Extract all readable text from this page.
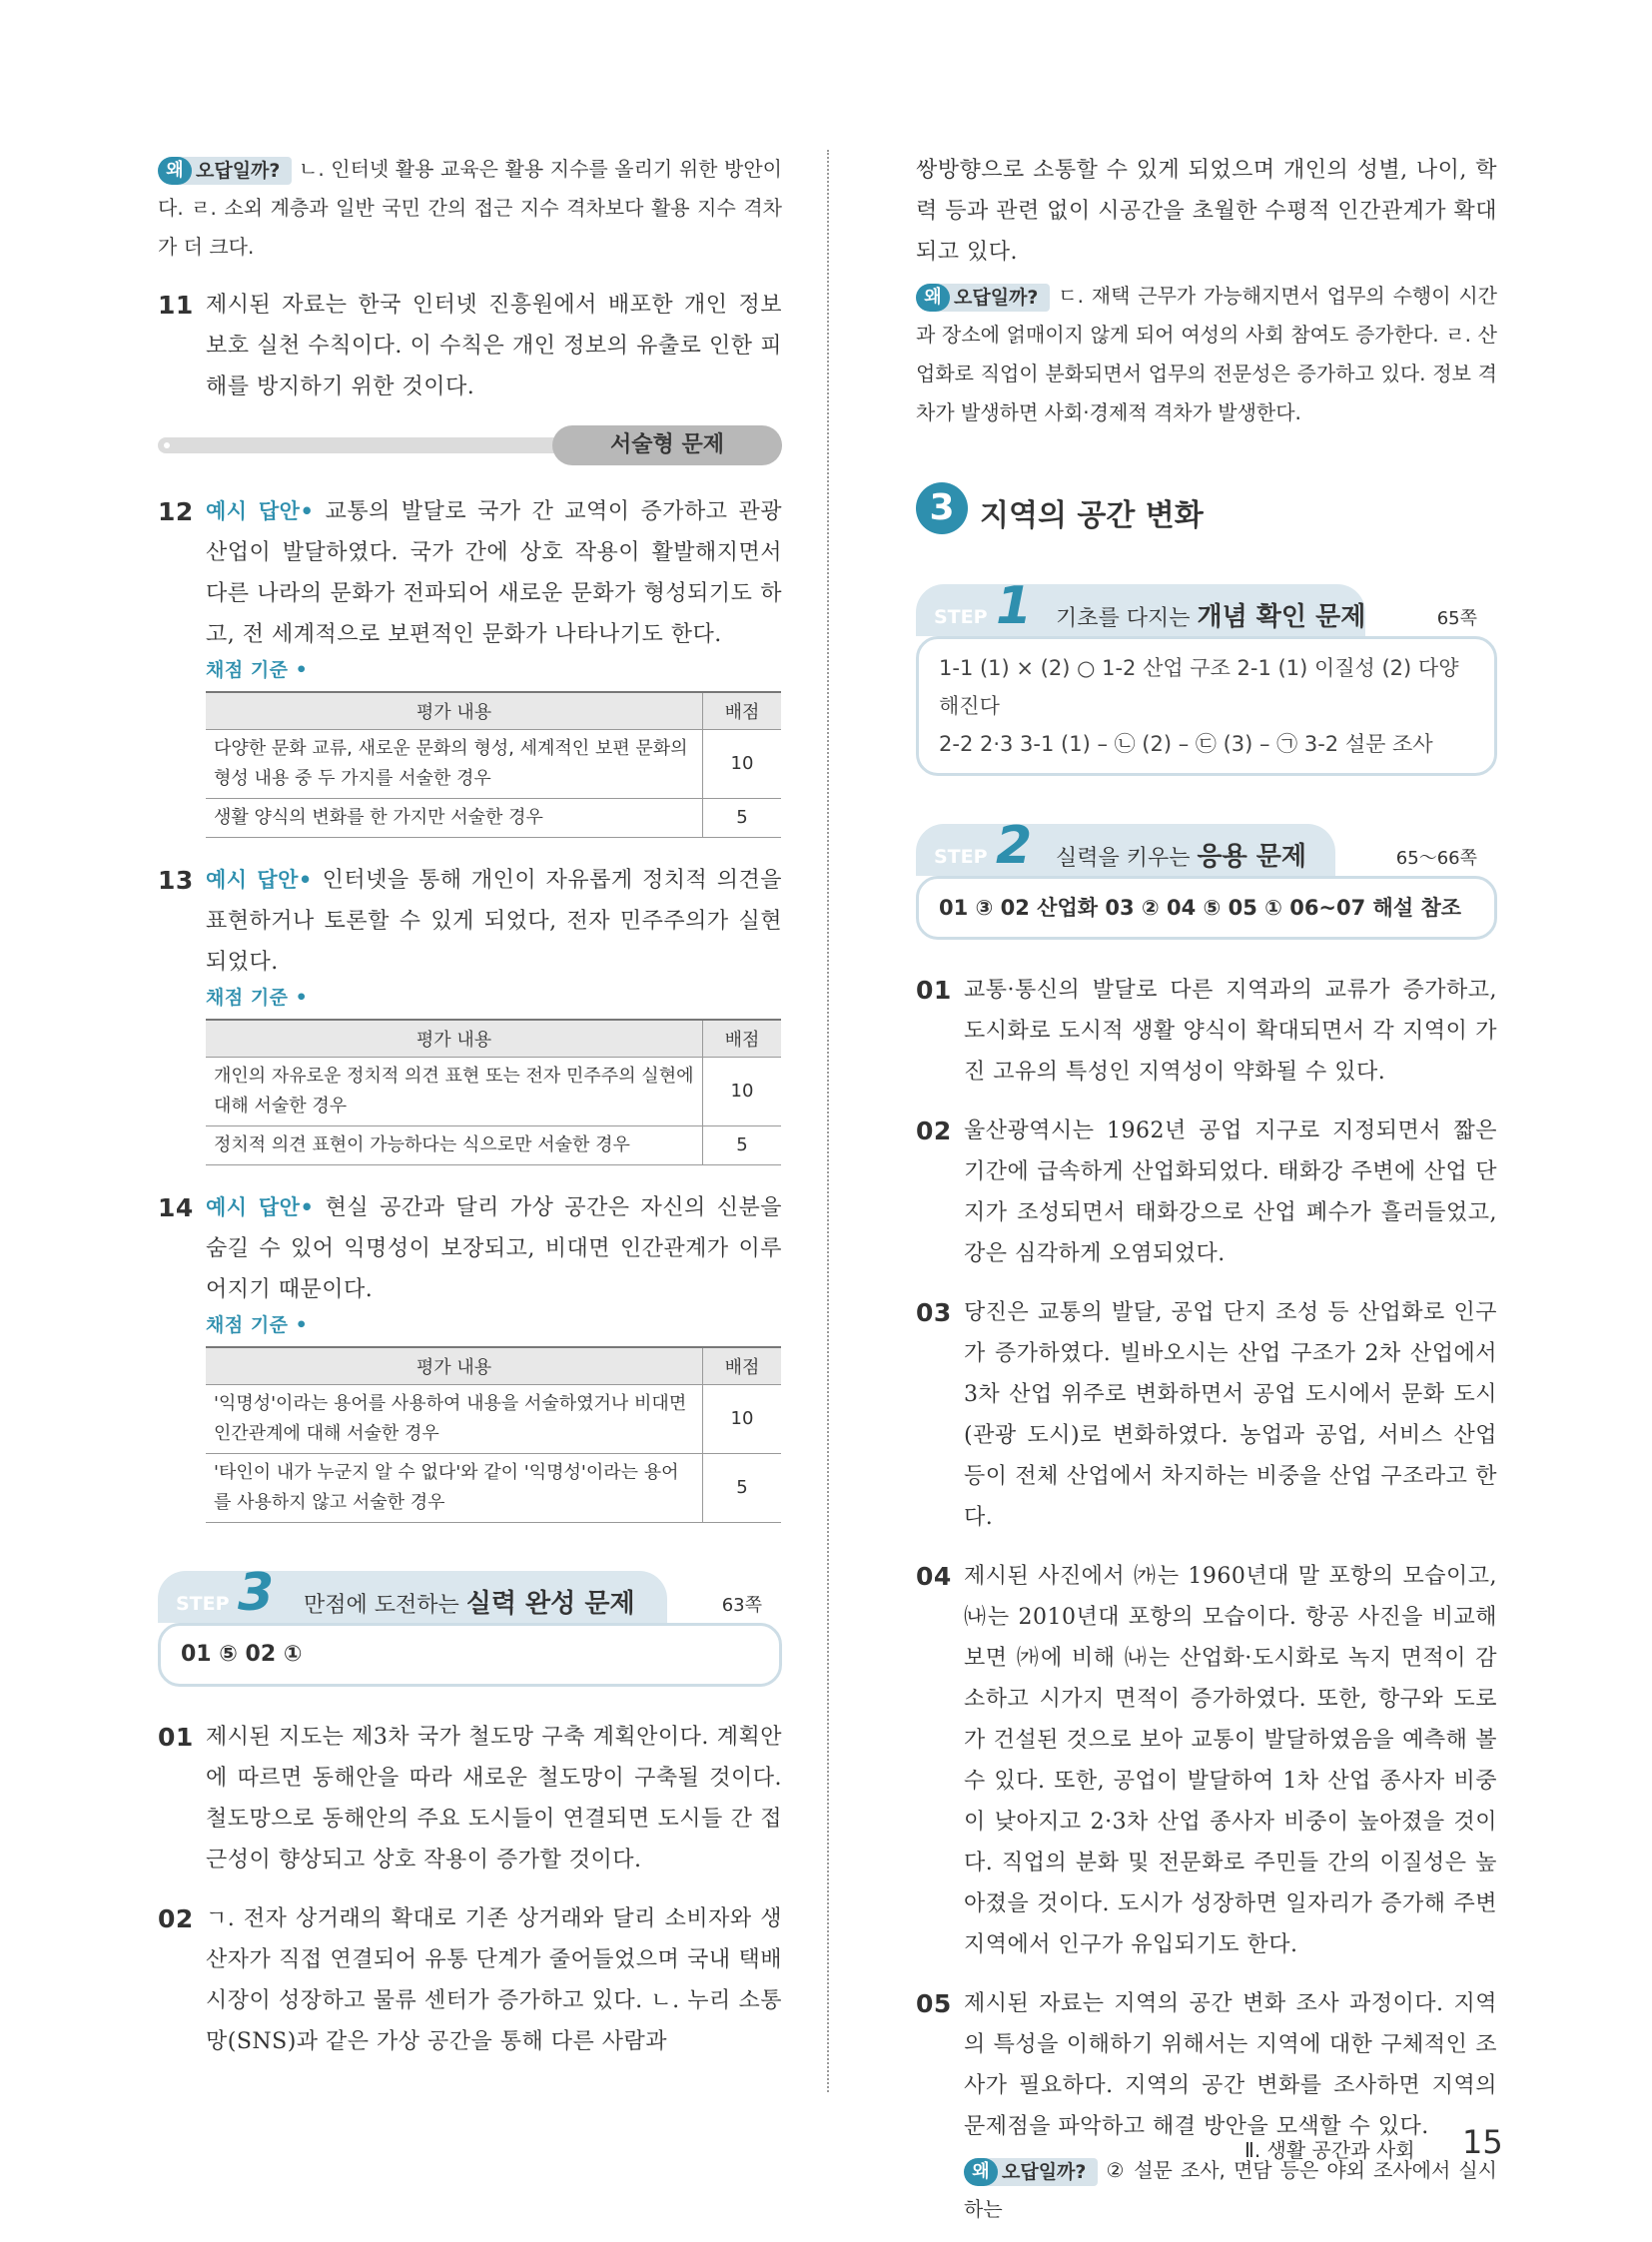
왜 오답일까? ㄴ. 인터넷 활용 교육은 활용 지수를 올리기 위한 방안이다. ㄹ. 소외 계층과 일반 국민 간의 접근 지수 격차보다 활용 지수 격차가 더 크다.
11 제시된 자료는 한국 인터넷 진흥원에서 배포한 개인 정보 보호 실천 수칙이다. 이 수칙은 개인 정보의 유출로 인한 피해를 방지하기 위한 것이다.
서술형 문제
12 예시 답안• 교통의 발달로 국가 간 교역이 증가하고 관광 산업이 발달하였다. 국가 간에 상호 작용이 활발해지면서 다른 나라의 문화가 전파되어 새로운 문화가 형성되기도 하고, 전 세계적으로 보편적인 문화가 나타나기도 한다.
채점 기준 •
평가 내용	배점
다양한 문화 교류, 새로운 문화의 형성, 세계적인 보편 문화의 형성 내용 중 두 가지를 서술한 경우	10
생활 양식의 변화를 한 가지만 서술한 경우	5
13 예시 답안• 인터넷을 통해 개인이 자유롭게 정치적 의견을 표현하거나 토론할 수 있게 되었다, 전자 민주주의가 실현되었다.
채점 기준 •
평가 내용	배점
개인의 자유로운 정치적 의견 표현 또는 전자 민주주의 실현에 대해 서술한 경우	10
정치적 의견 표현이 가능하다는 식으로만 서술한 경우	5
14 예시 답안• 현실 공간과 달리 가상 공간은 자신의 신분을 숨길 수 있어 익명성이 보장되고, 비대면 인간관계가 이루어지기 때문이다.
채점 기준 •
평가 내용	배점
'익명성'이라는 용어를 사용하여 내용을 서술하였거나 비대면 인간관계에 대해 서술한 경우	10
'타인이 내가 누군지 알 수 없다'와 같이 '익명성'이라는 용어를 사용하지 않고 서술한 경우	5
STEP 3 만점에 도전하는 실력 완성 문제	63쪽
01 ⑤ 02 ①
01 제시된 지도는 제3차 국가 철도망 구축 계획안이다. 계획안에 따르면 동해안을 따라 새로운 철도망이 구축될 것이다. 철도망으로 동해안의 주요 도시들이 연결되면 도시들 간 접근성이 향상되고 상호 작용이 증가할 것이다.
02 ㄱ. 전자 상거래의 확대로 기존 상거래와 달리 소비자와 생산자가 직접 연결되어 유통 단계가 줄어들었으며 국내 택배 시장이 성장하고 물류 센터가 증가하고 있다. ㄴ. 누리 소통망(SNS)과 같은 가상 공간을 통해 다른 사람과
쌍방향으로 소통할 수 있게 되었으며 개인의 성별, 나이, 학력 등과 관련 없이 시공간을 초월한 수평적 인간관계가 확대되고 있다.
왜 오답일까? ㄷ. 재택 근무가 가능해지면서 업무의 수행이 시간과 장소에 얽매이지 않게 되어 여성의 사회 참여도 증가한다. ㄹ. 산업화로 직업이 분화되면서 업무의 전문성은 증가하고 있다. 정보 격차가 발생하면 사회·경제적 격차가 발생한다.
3 지역의 공간 변화
STEP 1 기초를 다지는 개념 확인 문제	65쪽
1-1 (1) × (2) ○ 1-2 산업 구조 2-1 (1) 이질성 (2) 다양해진다
2-2 2·3 3-1 (1) – ㉡ (2) – ㉢ (3) – ㉠ 3-2 설문 조사
STEP 2 실력을 키우는 응용 문제	65～66쪽
01 ③ 02 산업화 03 ② 04 ⑤ 05 ① 06~07 해설 참조
01 교통·통신의 발달로 다른 지역과의 교류가 증가하고, 도시화로 도시적 생활 양식이 확대되면서 각 지역이 가진 고유의 특성인 지역성이 약화될 수 있다.
02 울산광역시는 1962년 공업 지구로 지정되면서 짧은 기간에 급속하게 산업화되었다. 태화강 주변에 산업 단지가 조성되면서 태화강으로 산업 폐수가 흘러들었고, 강은 심각하게 오염되었다.
03 당진은 교통의 발달, 공업 단지 조성 등 산업화로 인구가 증가하였다. 빌바오시는 산업 구조가 2차 산업에서 3차 산업 위주로 변화하면서 공업 도시에서 문화 도시(관광 도시)로 변화하였다. 농업과 공업, 서비스 산업 등이 전체 산업에서 차지하는 비중을 산업 구조라고 한다.
04 제시된 사진에서 ㈎는 1960년대 말 포항의 모습이고, ㈏는 2010년대 포항의 모습이다. 항공 사진을 비교해 보면 ㈎에 비해 ㈏는 산업화·도시화로 녹지 면적이 감소하고 시가지 면적이 증가하였다. 또한, 항구와 도로가 건설된 것으로 보아 교통이 발달하였음을 예측해 볼 수 있다. 또한, 공업이 발달하여 1차 산업 종사자 비중이 낮아지고 2·3차 산업 종사자 비중이 높아졌을 것이다. 직업의 분화 및 전문화로 주민들 간의 이질성은 높아졌을 것이다. 도시가 성장하면 일자리가 증가해 주변 지역에서 인구가 유입되기도 한다.
05 제시된 자료는 지역의 공간 변화 조사 과정이다. 지역의 특성을 이해하기 위해서는 지역에 대한 구체적인 조사가 필요하다. 지역의 공간 변화를 조사하면 지역의 문제점을 파악하고 해결 방안을 모색할 수 있다.
왜 오답일까? ② 설문 조사, 면담 등은 야외 조사에서 실시하는
Ⅱ. 생활 공간과 사회 15
